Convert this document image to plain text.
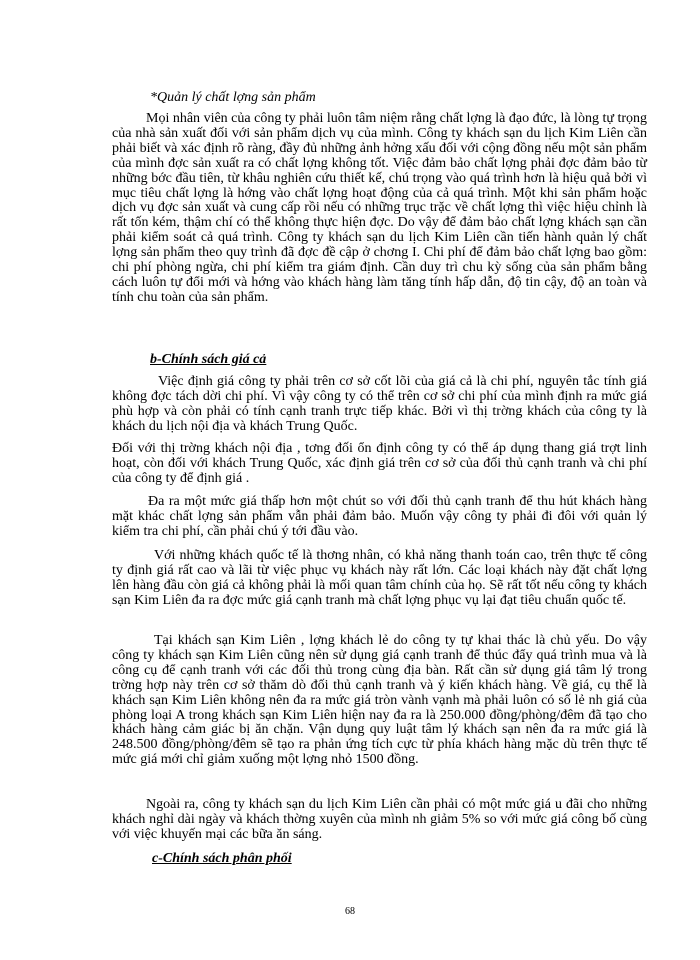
*Quản lý chất lợng sản phẩm
Mọi nhân viên của công ty phải luôn tâm niệm rằng chất lợng là đạo đức, là lòng tự trọng của nhà sản xuất đối với sản phẩm dịch vụ của mình. Công ty khách sạn du lịch Kim Liên cần phải biết và xác định rõ ràng, đầy đủ những ảnh hởng xấu đối với cộng đồng nếu một sản phẩm của mình đợc sản xuất ra có chất lợng không tốt. Việc đảm bảo chất lợng phải đợc đảm bảo từ những bớc đầu tiên, từ khâu nghiên cứu thiết kế, chú trọng vào quá trình hơn là hiệu quả bởi vì mục tiêu chất lợng là hớng vào chất lợng hoạt động của cả quá trình. Một khi sản phẩm hoặc dịch vụ đợc sản xuất và cung cấp rồi nếu có những trục trặc về chất lợng thì việc hiệu chỉnh là rất tốn kém, thậm chí có thể không thực hiện đợc. Do vậy để đảm bảo chất lợng khách sạn cần phải kiểm soát cả quá trình. Công ty khách sạn du lịch Kim Liên cần tiến hành quản lý chất lợng sản phẩm theo quy trình đã đợc đề cập ở chơng I. Chi phí để đảm bảo chất lợng bao gồm: chi phí phòng ngừa, chi phí kiểm tra giám định. Cần duy trì chu kỳ sống của sản phẩm bằng cách luôn tự đổi mới và hớng vào khách hàng làm tăng tính hấp dẫn, độ tin cậy, độ an toàn và tính chu toàn của sản phẩm.
b-Chính sách giá cả
Việc định giá công ty phải trên cơ sở cốt lõi của giá cả là chi phí, nguyên tắc tính giá không đợc tách dời chi phí. Vì vậy công ty có thể trên cơ sở chi phí của mình định ra mức giá phù hợp và còn phải có tính cạnh tranh trực tiếp khác. Bởi vì thị trờng khách của công ty là khách du lịch nội địa và khách Trung Quốc.
Đối với thị trờng khách nội địa , tơng đối ổn định công ty có thể áp dụng thang giá trợt linh hoạt, còn đối với khách Trung Quốc, xác định giá trên cơ sở của đối thủ cạnh tranh và chi phí của công ty để định giá .
Đa ra một mức giá thấp hơn một chút so với đối thủ cạnh tranh để thu hút khách hàng mặt khác chất lợng sản phẩm vẫn phải đảm bảo. Muốn vậy công ty phải đi đôi với quản lý kiểm tra chi phí, cần phải chú ý tới đầu vào.
Với những khách quốc tế là thơng nhân, có khả năng thanh toán cao, trên thực tế công ty định giá rất cao và lãi từ việc phục vụ khách này rất lớn. Các loại khách này đặt chất lợng lên hàng đầu còn giá cả không phải là mối quan tâm chính của họ. Sẽ rất tốt nếu công ty khách sạn Kim Liên đa ra đợc mức giá cạnh tranh mà chất lợng phục vụ lại đạt tiêu chuẩn quốc tế.
Tại khách sạn Kim Liên , lợng khách lẻ do công ty tự khai thác là chủ yếu. Do vậy công ty khách sạn Kim Liên cũng nên sử dụng giá cạnh tranh để thúc đẩy quá trình mua và là công cụ để cạnh tranh với các đối thủ trong cùng địa bàn. Rất cần sử dụng giá tâm lý trong trờng hợp này trên cơ sở thăm dò đối thủ cạnh tranh và ý kiến khách hàng. Về giá, cụ thể là khách sạn Kim Liên không nên đa ra mức giá tròn vành vạnh mà phải luôn có số lẻ nh giá của phòng loại A trong khách sạn Kim Liên hiện nay đa ra là 250.000 đồng/phòng/đêm đã tạo cho khách hàng cảm giác bị ăn chặn. Vận dụng quy luật tâm lý khách sạn nên đa ra mức giá là 248.500 đồng/phòng/đêm sẽ tạo ra phản ứng tích cực từ phía khách hàng mặc dù trên thực tế mức giá mới chỉ giảm xuống một lợng nhỏ 1500 đồng.
Ngoài ra, công ty khách sạn du lịch Kim Liên cần phải có một mức giá u đãi cho những khách nghỉ dài ngày và khách thờng xuyên của mình nh giảm 5% so với mức giá công bố cùng với việc khuyến mại các bữa ăn sáng.
c-Chính sách phân phối
68
